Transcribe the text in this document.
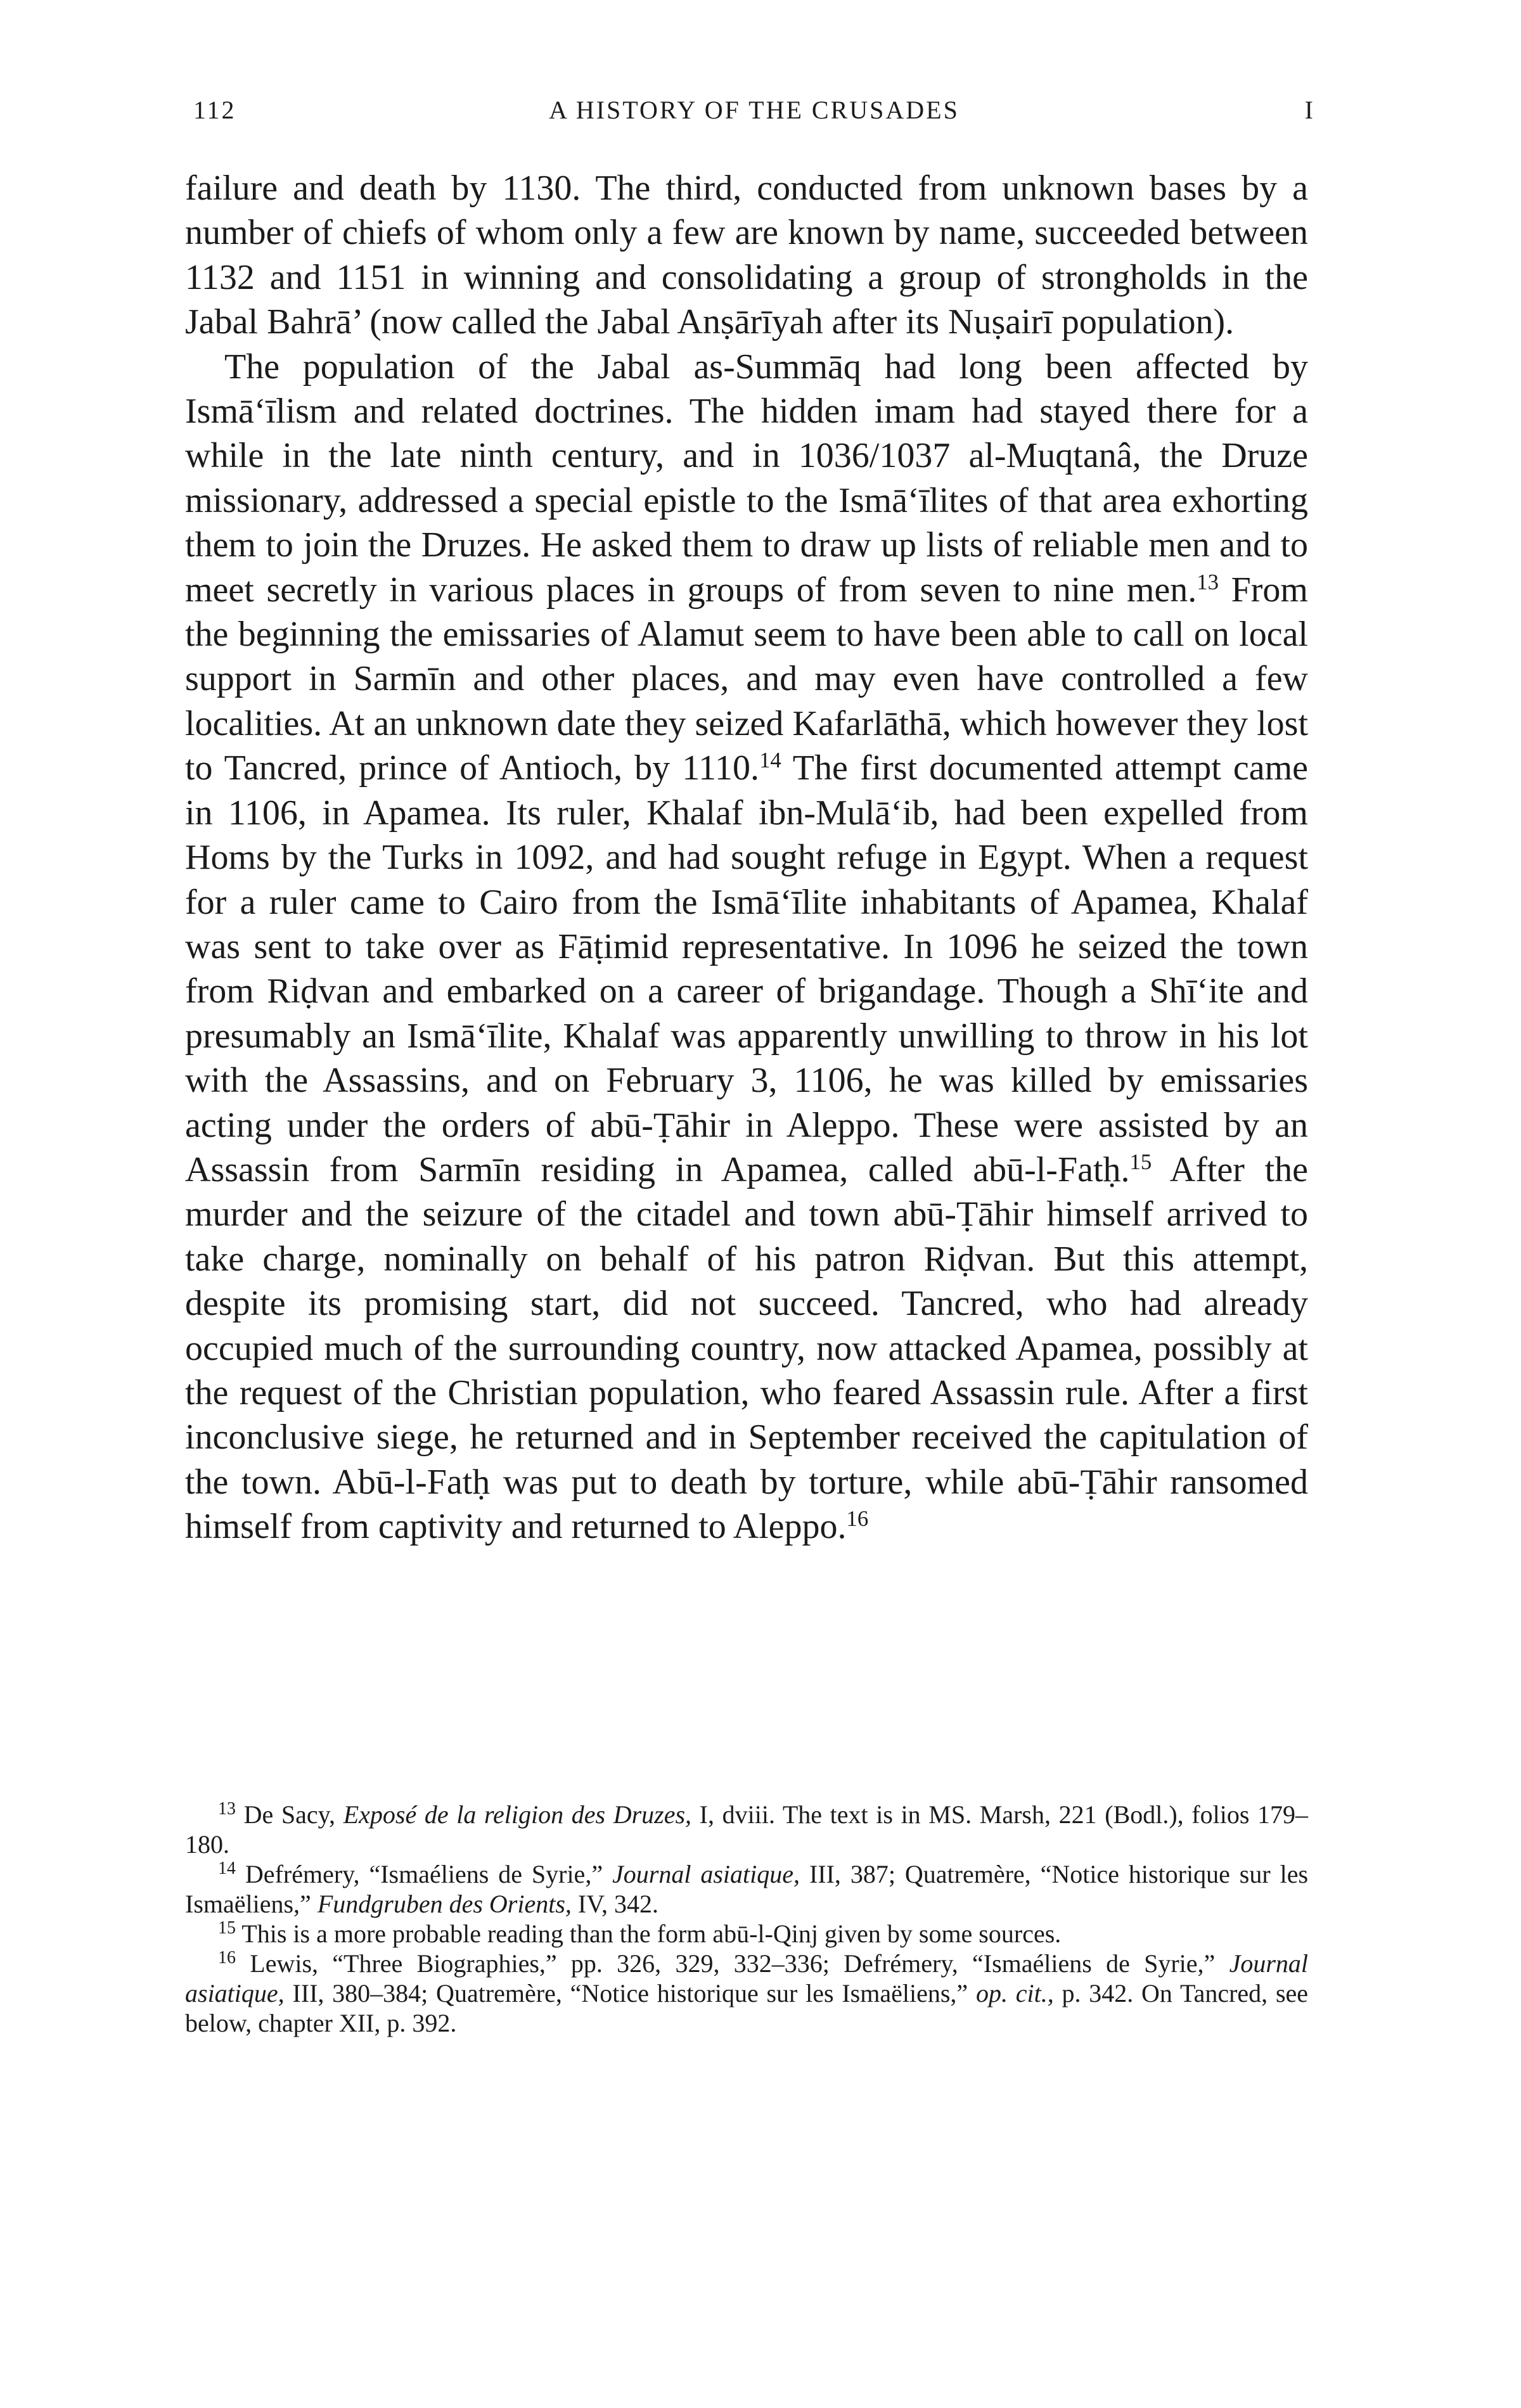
112	A HISTORY OF THE CRUSADES	I

failure and death by 1130. The third, conducted from unknown bases by a number of chiefs of whom only a few are known by name, succeeded between 1132 and 1151 in winning and consolidating a group of strongholds in the Jabal Bahrā’ (now called the Jabal Anṣārīyah after its Nuṣairī population).

The population of the Jabal as-Summāq had long been affected by Ismā‘īlism and related doctrines. The hidden imam had stayed there for a while in the late ninth century, and in 1036/1037 al-Muqtanâ, the Druze missionary, addressed a special epistle to the Ismā‘īlites of that area exhorting them to join the Druzes. He asked them to draw up lists of reliable men and to meet secretly in various places in groups of from seven to nine men.$^{13}$ From the beginning the emissaries of Alamut seem to have been able to call on local support in Sarmīn and other places, and may even have controlled a few localities. At an unknown date they seized Kafarlāthā, which however they lost to Tancred, prince of Antioch, by 1110.14 The first documented attempt came in 1106, in Apamea. Its ruler, Khalaf ibn-Mulā‘ib, had been expelled from Homs by the Turks in 1092, and had sought refuge in Egypt. When a request for a ruler came to Cairo from the Ismā‘īlite inhabitants of Apamea, Khalaf was sent to take over as Fāṭimid representative. In 1096 he seized the town from Riḍvan and embarked on a career of brigandage. Though a Shī‘ite and presumably an Ismā‘īlite, Khalaf was apparently unwilling to throw in his lot with the Assassins, and on February 3, 1106, he was killed by emissaries acting under the orders of abū-Ṭāhir in Aleppo. These were assisted by an Assassin from Sarmīn residing in Apamea, called abū-l-Fatḥ.$^{15}$ After the murder and the seizure of the citadel and town abū-Ṭāhir himself arrived to take charge, nominally on behalf of his patron Riḍvan. But this attempt, despite its promising start, did not succeed. Tancred, who had already occupied much of the surrounding country, now attacked Apamea, possibly at the request of the Christian population, who feared Assassin rule. After a first inconclusive siege, he returned and in September received the capitulation of the town. Abū-l-Fatḥ was put to death by torture, while abū-Ṭāhir ransomed himself from captivity and returned to Aleppo.$^{16}$

$^{13}$ De Sacy, Exposé de la religion des Druzes, I, dviii. The text is in MS. Marsh, 221 (Bodl.), folios 179–180.

$^{14}$ Defrémery, “Ismaéliens de Syrie,” Journal asiatique, III, 387; Quatremère, “Notice historique sur les Ismaëliens,” Fundgruben des Orients, IV, 342.

$^{15}$ This is a more probable reading than the form abū-l-Qinj given by some sources.

$^{16}$ Lewis, “Three Biographies,” pp. 326, 329, 332–336; Defrémery, “Ismaéliens de Syrie,” Journal asiatique, III, 380–384; Quatremère, “Notice historique sur les Ismaëliens,” op. cit., p. 342. On Tancred, see below, chapter XII, p. 392.
